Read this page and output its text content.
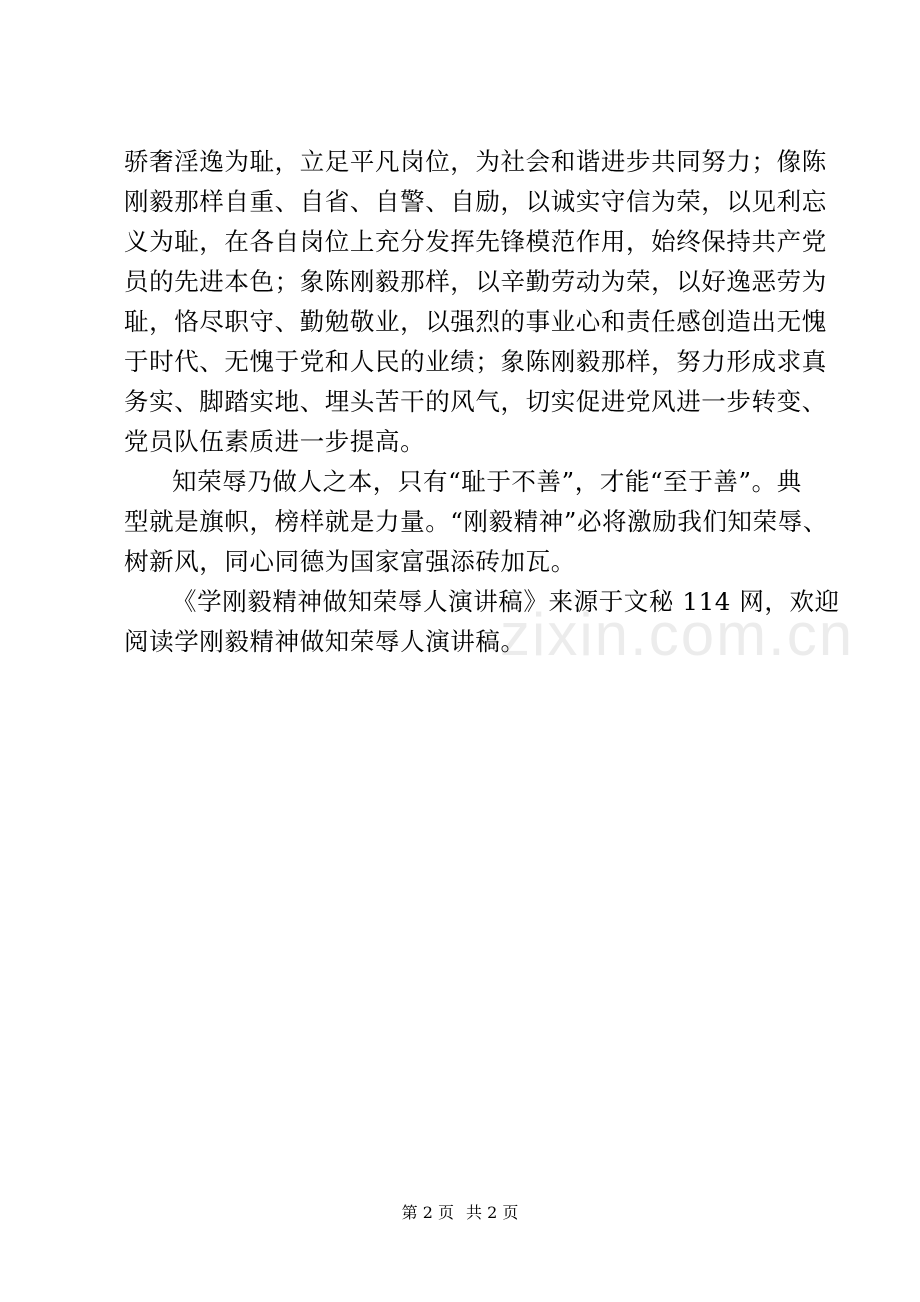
骄奢淫逸为耻，立足平凡岗位，为社会和谐进步共同努力；像陈
刚毅那样自重、自省、自警、自励，以诚实守信为荣，以见利忘
义为耻，在各自岗位上充分发挥先锋模范作用，始终保持共产党
员的先进本色；象陈刚毅那样，以辛勤劳动为荣，以好逸恶劳为
耻，恪尽职守、勤勉敬业，以强烈的事业心和责任感创造出无愧
于时代、无愧于党和人民的业绩；象陈刚毅那样，努力形成求真
务实、脚踏实地、埋头苦干的风气，切实促进党风进一步转变、
党员队伍素质进一步提高。
知荣辱乃做人之本，只有“耻于不善”，才能“至于善”。典
型就是旗帜，榜样就是力量。“刚毅精神”必将激励我们知荣辱、
树新风，同心同德为国家富强添砖加瓦。
《学刚毅精神做知荣辱人演讲稿》来源于文秘 114 网，欢迎
阅读学刚毅精神做知荣辱人演讲稿。
zixin.com.cn
第 2 页 共 2 页
